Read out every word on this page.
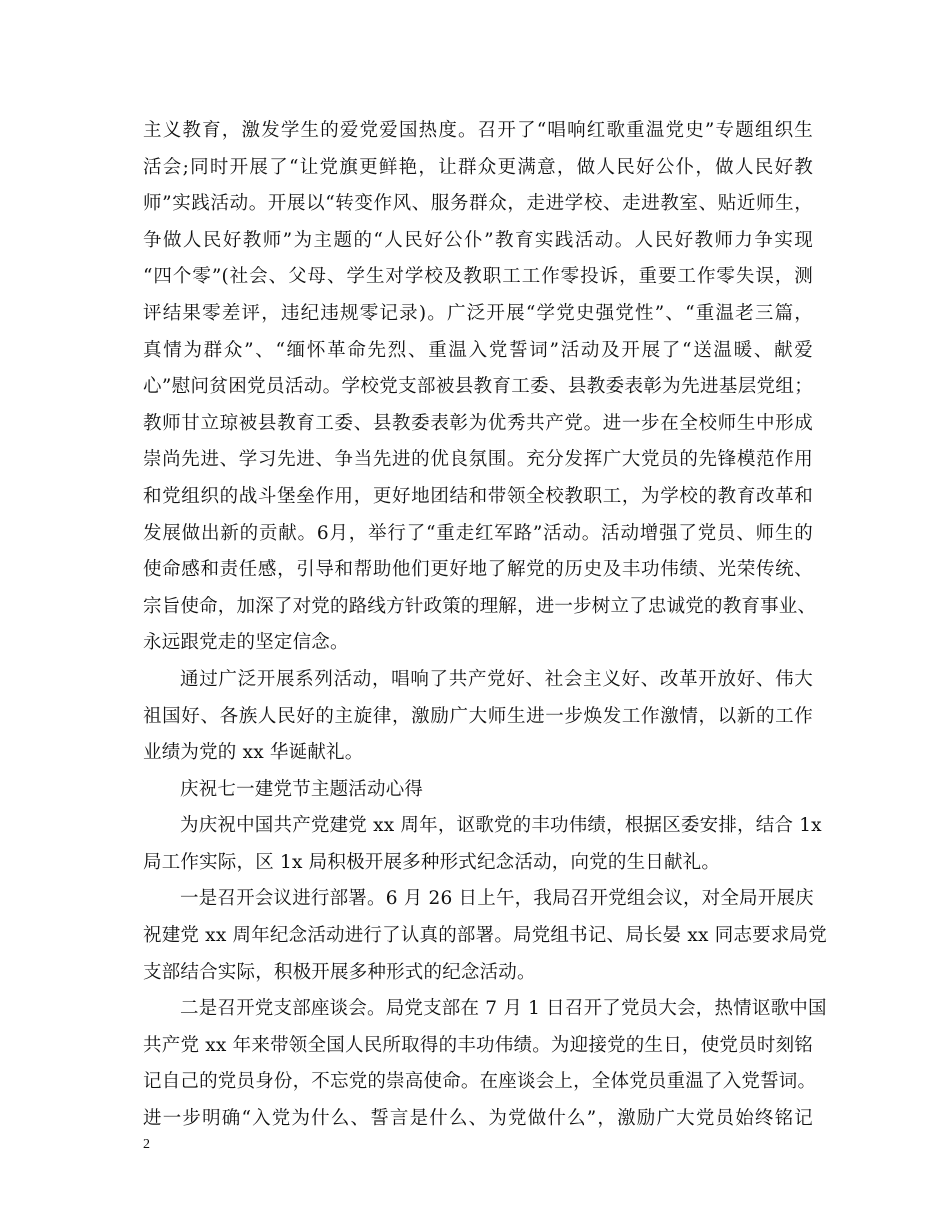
主义教育，激发学生的爱党爱国热度。召开了“唱响红歌重温党史”专题组织生
活会;同时开展了“让党旗更鲜艳，让群众更满意，做人民好公仆，做人民好教
师”实践活动。开展以“转变作风、服务群众，走进学校、走进教室、贴近师生，
争做人民好教师”为主题的“人民好公仆”教育实践活动。人民好教师力争实现
“四个零”(社会、父母、学生对学校及教职工工作零投诉，重要工作零失误，测
评结果零差评，违纪违规零记录)。广泛开展“学党史强党性”、“重温老三篇，
真情为群众”、“缅怀革命先烈、重温入党誓词”活动及开展了“送温暖、献爱
心”慰问贫困党员活动。学校党支部被县教育工委、县教委表彰为先进基层党组；
教师甘立琼被县教育工委、县教委表彰为优秀共产党。进一步在全校师生中形成
崇尚先进、学习先进、争当先进的优良氛围。充分发挥广大党员的先锋模范作用
和党组织的战斗堡垒作用，更好地团结和带领全校教职工，为学校的教育改革和
发展做出新的贡献。6月，举行了“重走红军路”活动。活动增强了党员、师生的
使命感和责任感，引导和帮助他们更好地了解党的历史及丰功伟绩、光荣传统、
宗旨使命，加深了对党的路线方针政策的理解，进一步树立了忠诚党的教育事业、
永远跟党走的坚定信念。
通过广泛开展系列活动，唱响了共产党好、社会主义好、改革开放好、伟大
祖国好、各族人民好的主旋律，激励广大师生进一步焕发工作激情，以新的工作
业绩为党的 xx 华诞献礼。
庆祝七一建党节主题活动心得
为庆祝中国共产党建党 xx 周年，讴歌党的丰功伟绩，根据区委安排，结合 1x
局工作实际，区 1x 局积极开展多种形式纪念活动，向党的生日献礼。
一是召开会议进行部署。6 月 26 日上午，我局召开党组会议，对全局开展庆
祝建党 xx 周年纪念活动进行了认真的部署。局党组书记、局长晏 xx 同志要求局党
支部结合实际，积极开展多种形式的纪念活动。
二是召开党支部座谈会。局党支部在 7 月 1 日召开了党员大会，热情讴歌中国
共产党 xx 年来带领全国人民所取得的丰功伟绩。为迎接党的生日，使党员时刻铭
记自己的党员身份，不忘党的崇高使命。在座谈会上，全体党员重温了入党誓词。
进一步明确“入党为什么、誓言是什么、为党做什么”，激励广大党员始终铭记
2
